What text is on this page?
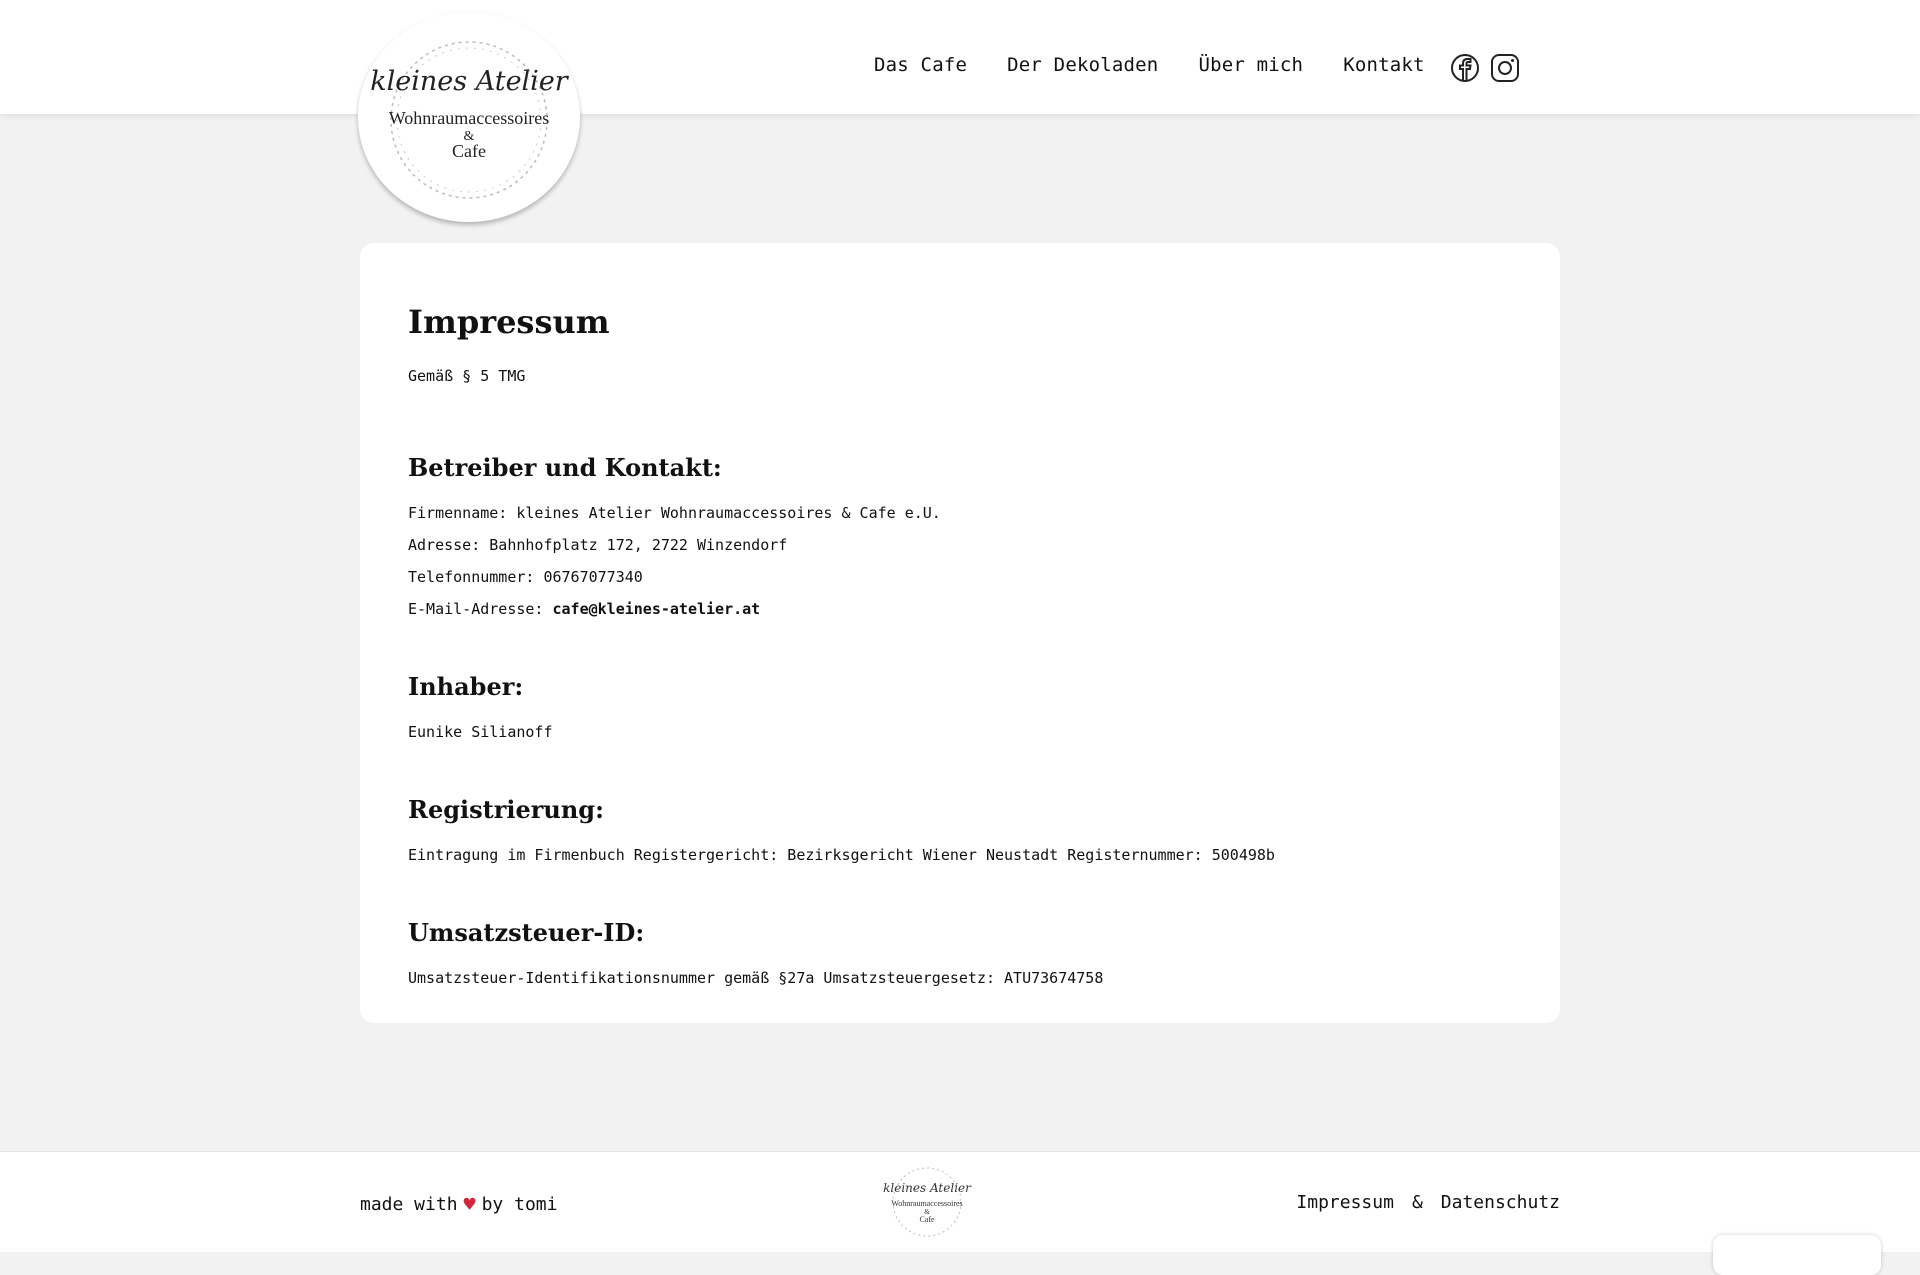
kleines Atelier
Wohnraumaccessoires
&
Cafe
Das Cafe Der Dekoladen Über mich Kontakt
Impressum

Gemäß § 5 TMG

Betreiber und Kontakt:

Firmenname: kleines Atelier Wohnraumaccessoires & Cafe e.U.

Adresse: Bahnhofplatz 172, 2722 Winzendorf

Telefonnummer: 06767077340

E-Mail-Adresse: cafe@kleines-atelier.at

Inhaber:

Eunike Silianoff

Registrierung:

Eintragung im Firmenbuch Registergericht: Bezirksgericht Wiener Neustadt Registernummer: 500498b

Umsatzsteuer-ID:

Umsatzsteuer-Identifikationsnummer gemäß §27a Umsatzsteuergesetz: ATU73674758

made with ♥ by tomi
kleines Atelier
Wohnraumaccessoires
&
Cafe
Impressum & Datenschutz
